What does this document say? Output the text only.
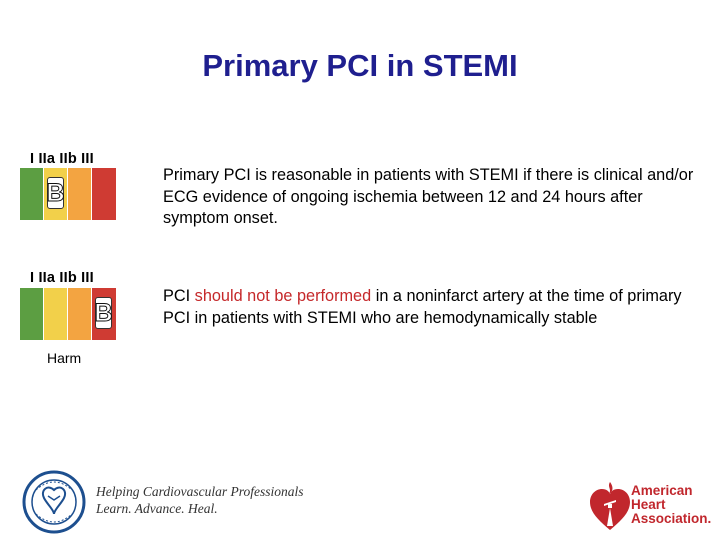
Primary PCI in STEMI
I IIa IIb III
B
Primary PCI is reasonable in patients with STEMI if there is clinical and/or ECG evidence of ongoing ischemia between 12 and 24 hours after symptom onset.
I IIa IIb III
B
Harm
PCI should not be performed in a noninfarct artery at the time of primary PCI in patients with STEMI who are hemodynamically stable
Helping Cardiovascular Professionals
Learn. Advance. Heal.
American
Heart
Association.
